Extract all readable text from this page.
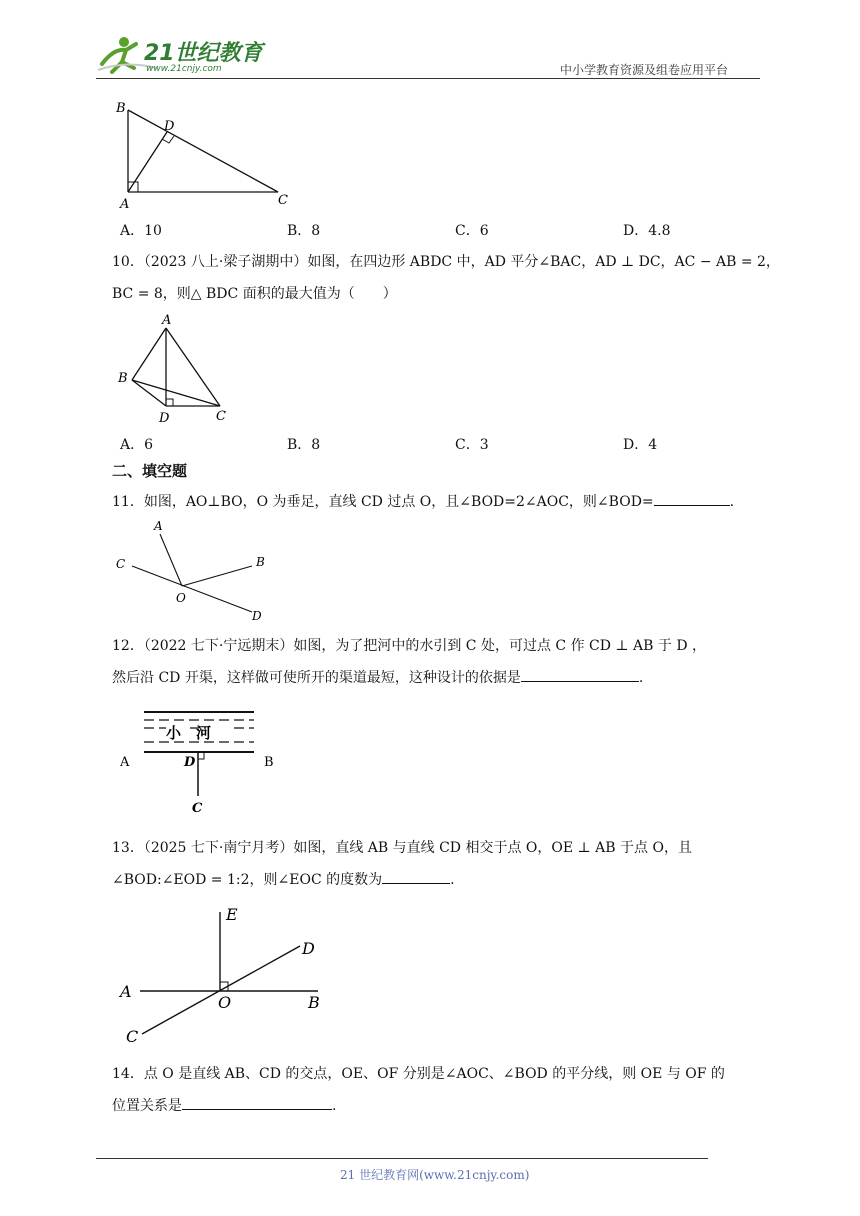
21世纪教育
www.21cnjy.com	中小学教育资源及组卷应用平台
B
D
A	C
A．10	B．8	C．6	D．4.8
10．（2023 八上·梁子湖期中）如图，在四边形 ABDC 中，AD 平分∠BAC，AD ⊥ DC，AC − AB = 2，
BC = 8，则△ BDC 面积的最大值为（　　）
A
B
D	C
A．6	B．8	C．3	D．4
二、填空题
11．如图，AO⊥BO，O 为垂足，直线 CD 过点 O，且∠BOD=2∠AOC，则∠BOD=	.
A
C	B
O
D
12．（2022 七下·宁远期末）如图，为了把河中的水引到 C 处，可过点 C 作 CD ⊥ AB 于 D ，
然后沿 CD 开渠，这样做可使所开的渠道最短，这种设计的依据是	.
小　河
A	D	B
C
13．（2025 七下·南宁月考）如图，直线 AB 与直线 CD 相交于点 O，OE ⊥ AB 于点 O，且
∠BOD:∠EOD = 1:2，则∠EOC 的度数为	.
E
D
A
O	B
C
14．点 O 是直线 AB、CD 的交点，OE、OF 分别是∠AOC、∠BOD 的平分线，则 OE 与 OF 的
位置关系是	.
21 世纪教育网(www.21cnjy.com)
